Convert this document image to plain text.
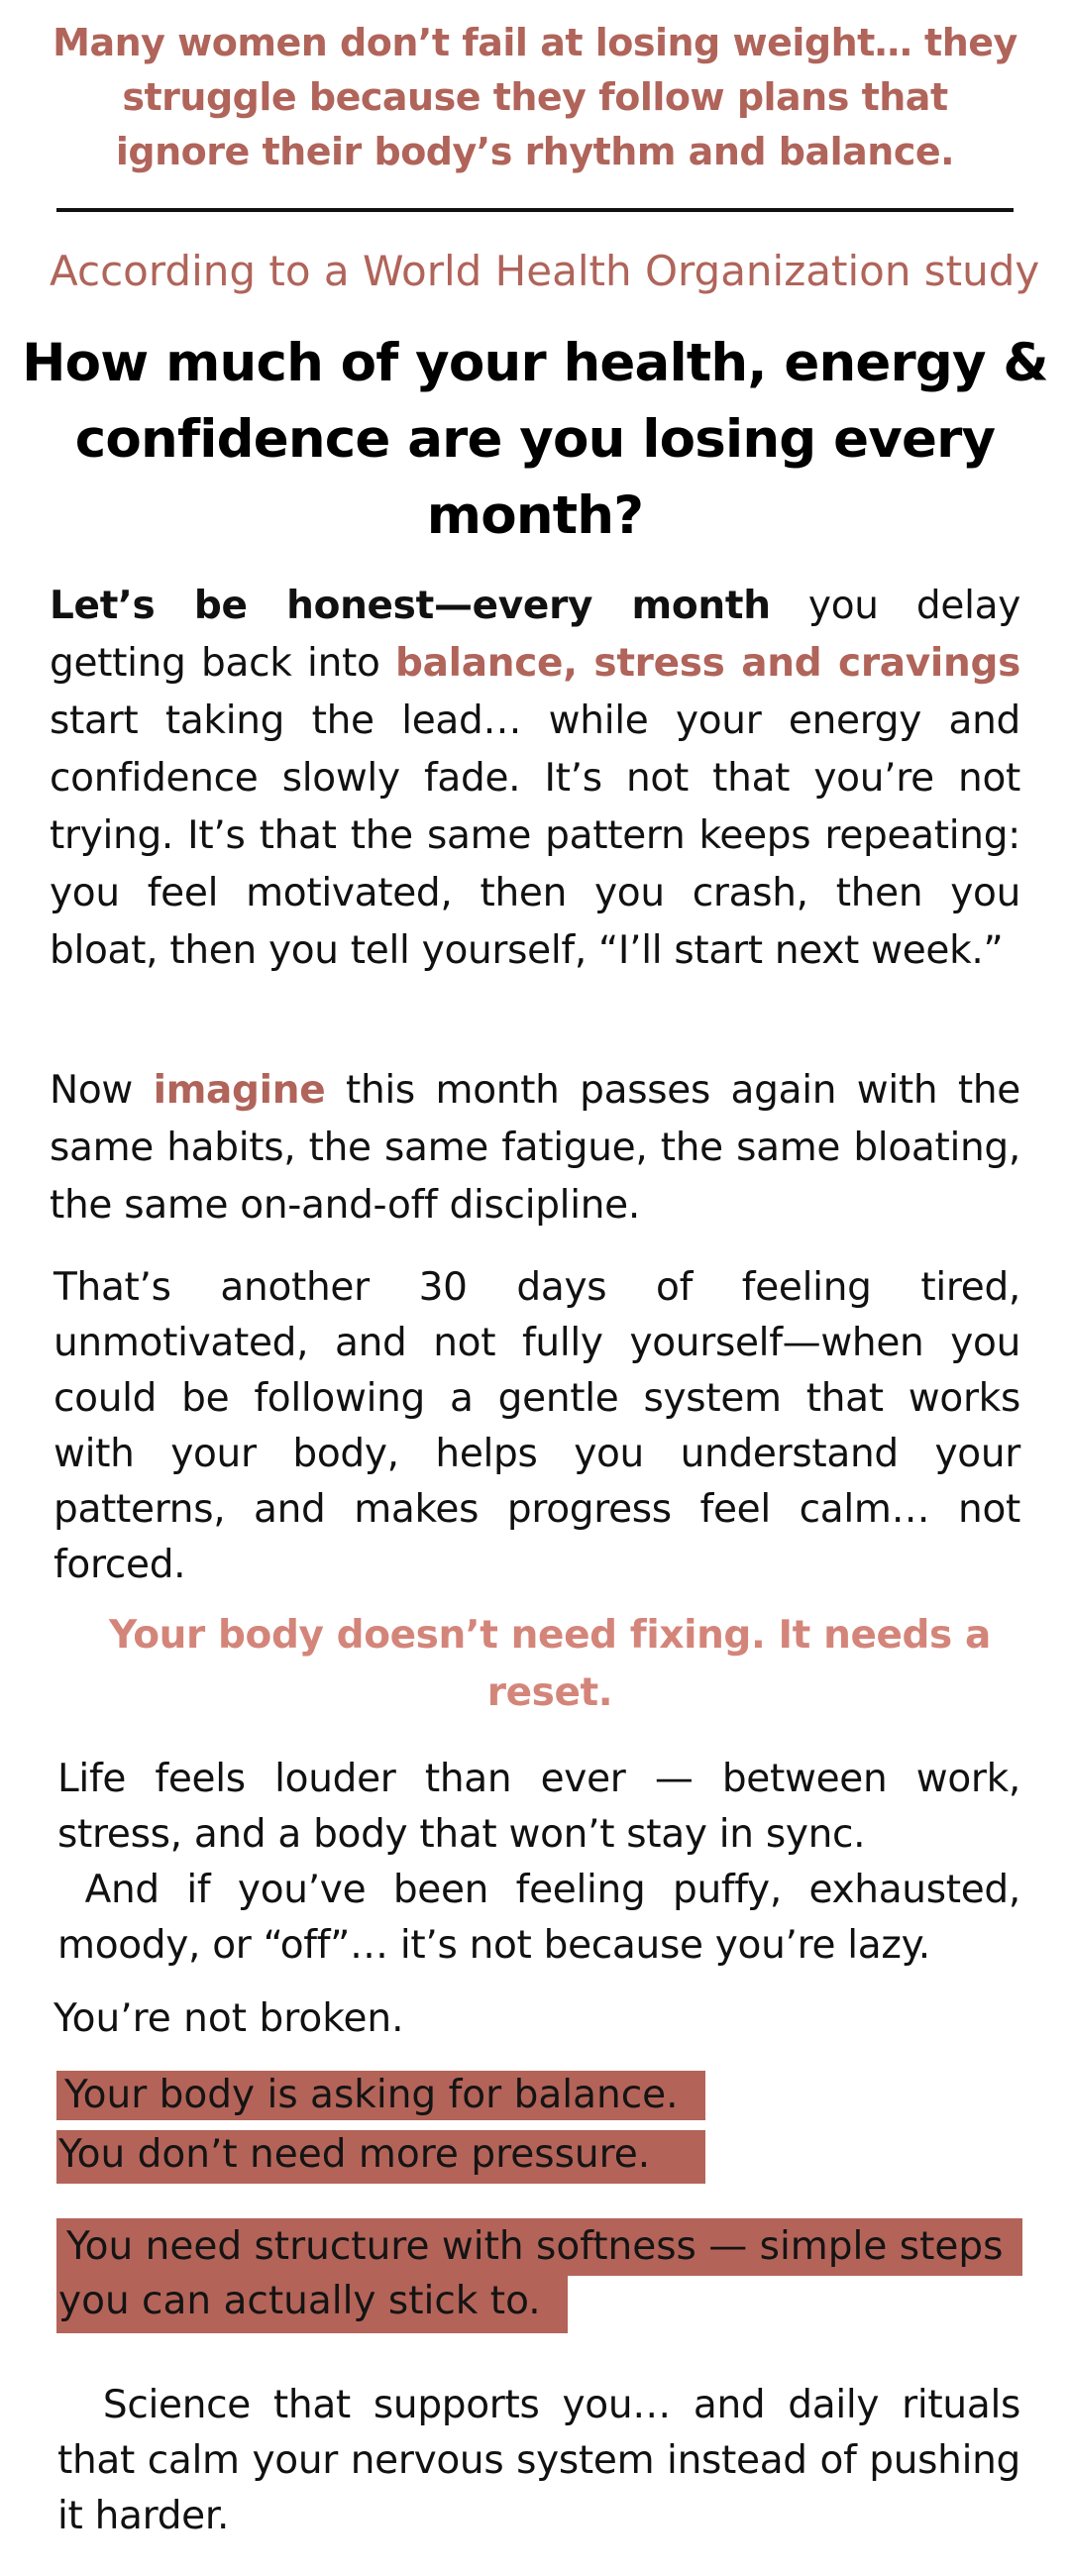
Many women don’t fail at losing weight… they struggle because they follow plans that ignore their body’s rhythm and balance.
According to a World Health Organization study
How much of your health, energy & confidence are you losing every month?
Let’s be honest—every month you delay getting back into balance, stress and cravings start taking the lead… while your energy and confidence slowly fade. It’s not that you’re not trying. It’s that the same pattern keeps repeating: you feel motivated, then you crash, then you bloat, then you tell yourself, “I’ll start next week.”
Now imagine this month passes again with the same habits, the same fatigue, the same bloating, the same on-and-off discipline.
That’s another 30 days of feeling tired, unmotivated, and not fully yourself—when you could be following a gentle system that works with your body, helps you understand your patterns, and makes progress feel calm… not forced.
Your body doesn’t need fixing. It needs a reset.
Life feels louder than ever — between work, stress, and a body that won’t stay in sync.
And if you’ve been feeling puffy, exhausted, moody, or “off”… it’s not because you’re lazy.
You’re not broken.
Your body is asking for balance.
You don’t need more pressure.
You need structure with softness — simple steps
you can actually stick to.
Science that supports you… and daily rituals that calm your nervous system instead of pushing it harder.
